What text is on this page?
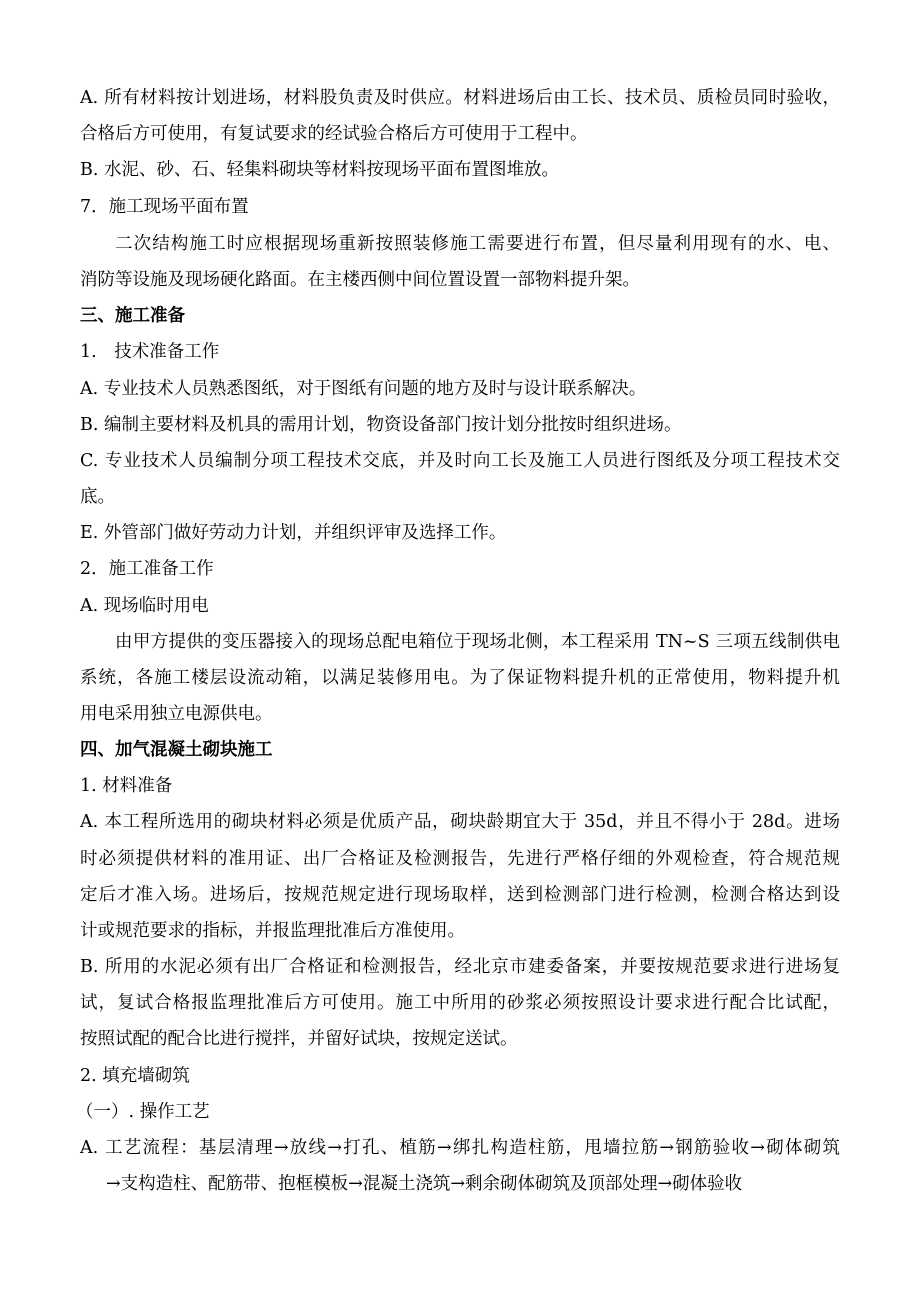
A. 所有材料按计划进场，材料股负责及时供应。材料进场后由工长、技术员、质检员同时验收，
合格后方可使用，有复试要求的经试验合格后方可使用于工程中。
B. 水泥、砂、石、轻集料砌块等材料按现场平面布置图堆放。
7．施工现场平面布置
二次结构施工时应根据现场重新按照装修施工需要进行布置，但尽量利用现有的水、电、
消防等设施及现场硬化路面。在主楼西侧中间位置设置一部物料提升架。
三、施工准备
1.　技术准备工作
A. 专业技术人员熟悉图纸，对于图纸有问题的地方及时与设计联系解决。
B. 编制主要材料及机具的需用计划，物资设备部门按计划分批按时组织进场。
C. 专业技术人员编制分项工程技术交底，并及时向工长及施工人员进行图纸及分项工程技术交
底。
E. 外管部门做好劳动力计划，并组织评审及选择工作。
2．施工准备工作
A. 现场临时用电
由甲方提供的变压器接入的现场总配电箱位于现场北侧，本工程采用 TN~S 三项五线制供电
系统，各施工楼层设流动箱，以满足装修用电。为了保证物料提升机的正常使用，物料提升机
用电采用独立电源供电。
四、加气混凝土砌块施工
1. 材料准备
A. 本工程所选用的砌块材料必须是优质产品，砌块龄期宜大于 35d，并且不得小于 28d。进场
时必须提供材料的准用证、出厂合格证及检测报告，先进行严格仔细的外观检查，符合规范规
定后才准入场。进场后，按规范规定进行现场取样，送到检测部门进行检测，检测合格达到设
计或规范要求的指标，并报监理批准后方准使用。
B. 所用的水泥必须有出厂合格证和检测报告，经北京市建委备案，并要按规范要求进行进场复
试，复试合格报监理批准后方可使用。施工中所用的砂浆必须按照设计要求进行配合比试配，
按照试配的配合比进行搅拌，并留好试块，按规定送试。
2. 填充墙砌筑
（一）. 操作工艺
A. 工艺流程：基层清理→放线→打孔、植筋→绑扎构造柱筋，甩墙拉筋→钢筋验收→砌体砌筑
→支构造柱、配筋带、抱框模板→混凝土浇筑→剩余砌体砌筑及顶部处理→砌体验收
